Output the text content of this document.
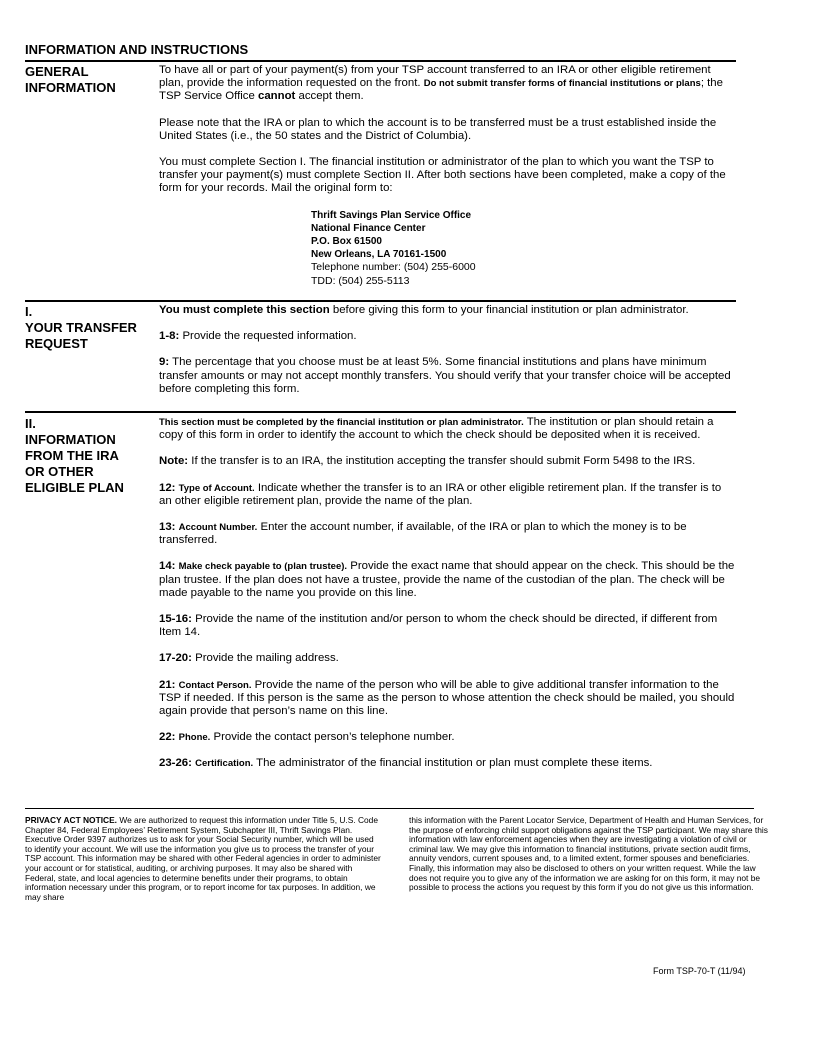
INFORMATION AND INSTRUCTIONS
GENERAL
INFORMATION

To have all or part of your payment(s) from your TSP account transferred to an IRA or other eligible retirement plan, provide the information requested on the front. Do not submit transfer forms of financial institutions or plans; the TSP Service Office cannot accept them.

Please note that the IRA or plan to which the account is to be transferred must be a trust established inside the United States (i.e., the 50 states and the District of Columbia).

You must complete Section I. The financial institution or administrator of the plan to which you want the TSP to transfer your payment(s) must complete Section II. After both sections have been completed, make a copy of the form for your records. Mail the original form to:

Thrift Savings Plan Service Office
National Finance Center
P.O. Box 61500
New Orleans, LA 70161-1500
Telephone number: (504) 255-6000
TDD: (504) 255-5113
I.
YOUR TRANSFER
REQUEST

You must complete this section before giving this form to your financial institution or plan administrator.

1-8: Provide the requested information.

9: The percentage that you choose must be at least 5%. Some financial institutions and plans have minimum transfer amounts or may not accept monthly transfers. You should verify that your transfer choice will be accepted before completing this form.

II.
INFORMATION
FROM THE IRA
OR OTHER
ELIGIBLE PLAN

This section must be completed by the financial institution or plan administrator. The institution or plan should retain a copy of this form in order to identify the account to which the check should be deposited when it is received.

Note: If the transfer is to an IRA, the institution accepting the transfer should submit Form 5498 to the IRS.

12: Type of Account. Indicate whether the transfer is to an IRA or other eligible retirement plan. If the transfer is to an other eligible retirement plan, provide the name of the plan.

13: Account Number. Enter the account number, if available, of the IRA or plan to which the money is to be transferred.

14: Make check payable to (plan trustee). Provide the exact name that should appear on the check. This should be the plan trustee. If the plan does not have a trustee, provide the name of the custodian of the plan. The check will be made payable to the name you provide on this line.

15-16: Provide the name of the institution and/or person to whom the check should be directed, if different from Item 14.

17-20: Provide the mailing address.

21: Contact Person. Provide the name of the person who will be able to give additional transfer information to the TSP if needed. If this person is the same as the person to whose attention the check should be mailed, you should again provide that person’s name on this line.

22: Phone. Provide the contact person’s telephone number.

23-26: Certification. The administrator of the financial institution or plan must complete these items.

PRIVACY ACT NOTICE. We are authorized to request this information under Title 5, U.S. Code Chapter 84, Federal Employees’ Retirement System, Subchapter III, Thrift Savings Plan. Executive Order 9397 authorizes us to ask for your Social Security number, which will be used to identify your account. We will use the information you give us to process the transfer of your TSP account. This information may be shared with other Federal agencies in order to administer your account or for statistical, auditing, or archiving purposes. It may also be shared with Federal, state, and local agencies to determine benefits under their programs, to obtain information necessary under this program, or to report income for tax purposes. In addition, we may share
this information with the Parent Locator Service, Department of Health and Human Services, for the purpose of enforcing child support obligations against the TSP participant. We may share this information with law enforcement agencies when they are investigating a violation of civil or criminal law. We may give this information to financial institutions, private section audit firms, annuity vendors, current spouses and, to a limited extent, former spouses and beneficiaries. Finally, this information may also be disclosed to others on your written request. While the law does not require you to give any of the information we are asking for on this form, it may not be possible to process the actions you request by this form if you do not give us this information.
Form TSP-70-T (11/94)
